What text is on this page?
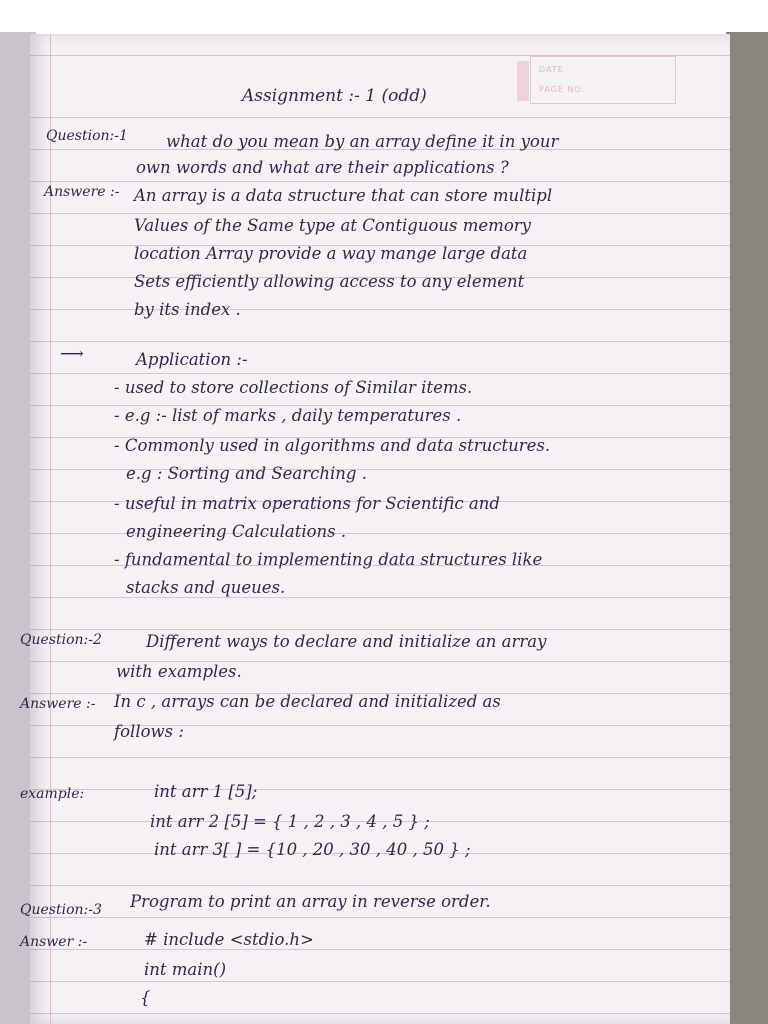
DATE
PAGE NO.
Assignment :- 1 (odd)
Question:-1 what do you mean by an array define it in your
own words and what are their applications ?
Answere :- An array is a data structure that can store multipl
Values of the Same type at Contiguous memory
location Array provide a way mange large data
Sets efficiently allowing access to any element
by its index .
⟶	Application :-
- used to store collections of Similar items.
- e.g :- list of marks , daily temperatures .
- Commonly used in algorithms and data structures.
e.g : Sorting and Searching .
- useful in matrix operations for Scientific and
engineering Calculations .
- fundamental to implementing data structures like
stacks and queues.
Question:-2	Different ways to declare and initialize an array
with examples.
Answere :- In c , arrays can be declared and initialized as
follows :
example:	int arr 1 [5];
int arr 2 [5] = { 1 , 2 , 3 , 4 , 5 } ;
int arr 3[ ] = {10 , 20 , 30 , 40 , 50 } ;
Question:-3 Program to print an array in reverse order.
Answer :-	# include <stdio.h>
int main()
{
